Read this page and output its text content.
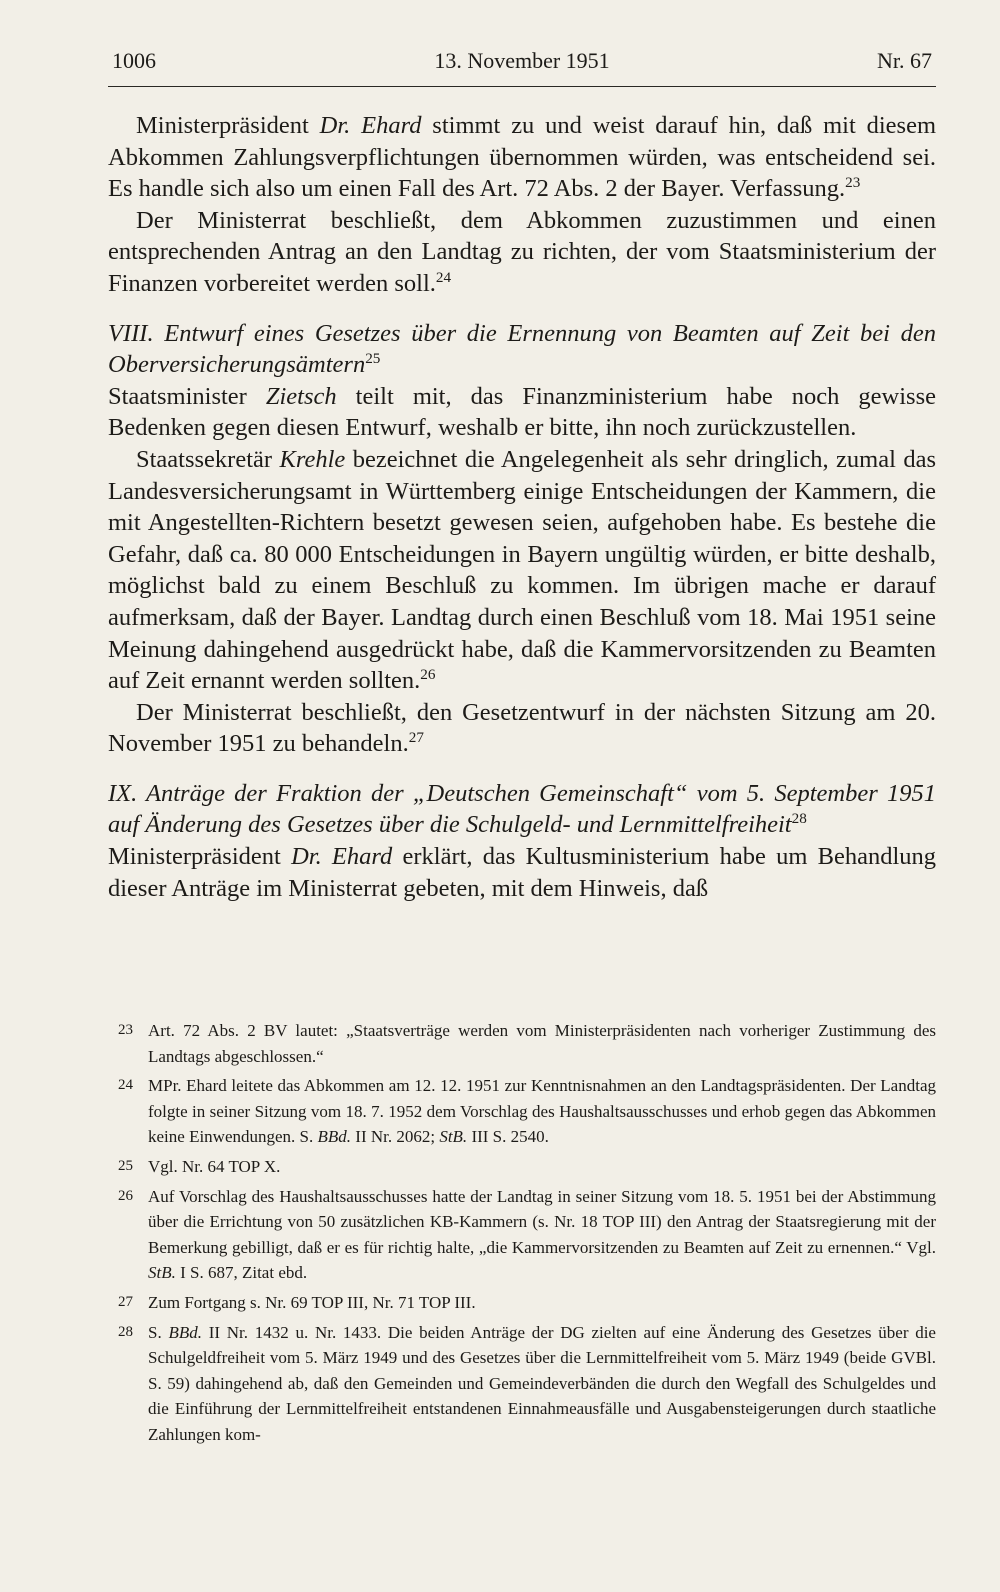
1006	13. November 1951	Nr. 67

Ministerpräsident Dr. Ehard stimmt zu und weist darauf hin, daß mit diesem Abkommen Zahlungsverpflichtungen übernommen würden, was entscheidend sei. Es handle sich also um einen Fall des Art. 72 Abs. 2 der Bayer. Verfassung.$^{23}$

Der Ministerrat beschließt, dem Abkommen zuzustimmen und einen entsprechenden Antrag an den Landtag zu richten, der vom Staatsministerium der Finanzen vorbereitet werden soll.$^{24}$

VIII. Entwurf eines Gesetzes über die Ernennung von Beamten auf Zeit bei den Oberversicherungsämtern$^{25}$

Staatsminister Zietsch teilt mit, das Finanzministerium habe noch gewisse Bedenken gegen diesen Entwurf, weshalb er bitte, ihn noch zurückzustellen.

Staatssekretär Krehle bezeichnet die Angelegenheit als sehr dringlich, zumal das Landesversicherungsamt in Württemberg einige Entscheidungen der Kammern, die mit Angestellten-Richtern besetzt gewesen seien, aufgehoben habe. Es bestehe die Gefahr, daß ca. 80 000 Entscheidungen in Bayern ungültig würden, er bitte deshalb, möglichst bald zu einem Beschluß zu kommen. Im übrigen mache er darauf aufmerksam, daß der Bayer. Landtag durch einen Beschluß vom 18. Mai 1951 seine Meinung dahingehend ausgedrückt habe, daß die Kammervorsitzenden zu Beamten auf Zeit ernannt werden sollten.$^{26}$

Der Ministerrat beschließt, den Gesetzentwurf in der nächsten Sitzung am 20. November 1951 zu behandeln.$^{27}$

IX. Anträge der Fraktion der „Deutschen Gemeinschaft“ vom 5. September 1951 auf Änderung des Gesetzes über die Schulgeld- und Lernmittelfreiheit$^{28}$

Ministerpräsident Dr. Ehard erklärt, das Kultusministerium habe um Behandlung dieser Anträge im Ministerrat gebeten, mit dem Hinweis, daß

23 Art. 72 Abs. 2 BV lautet: „Staatsverträge werden vom Ministerpräsidenten nach vorheriger Zustimmung des Landtags abgeschlossen.“

24 MPr. Ehard leitete das Abkommen am 12. 12. 1951 zur Kenntnisnahmen an den Landtagspräsidenten. Der Landtag folgte in seiner Sitzung vom 18. 7. 1952 dem Vorschlag des Haushaltsausschusses und erhob gegen das Abkommen keine Einwendungen. S. BBd. II Nr. 2062; StB. III S. 2540.

25 Vgl. Nr. 64 TOP X.

26 Auf Vorschlag des Haushaltsausschusses hatte der Landtag in seiner Sitzung vom 18. 5. 1951 bei der Abstimmung über die Errichtung von 50 zusätzlichen KB-Kammern (s. Nr. 18 TOP III) den Antrag der Staatsregierung mit der Bemerkung gebilligt, daß er es für richtig halte, „die Kammervorsitzenden zu Beamten auf Zeit zu ernennen.“ Vgl. StB. I S. 687, Zitat ebd.

27 Zum Fortgang s. Nr. 69 TOP III, Nr. 71 TOP III.

28 S. BBd. II Nr. 1432 u. Nr. 1433. Die beiden Anträge der DG zielten auf eine Änderung des Gesetzes über die Schulgeldfreiheit vom 5. März 1949 und des Gesetzes über die Lernmittelfreiheit vom 5. März 1949 (beide GVBl. S. 59) dahingehend ab, daß den Gemeinden und Gemeindeverbänden die durch den Wegfall des Schulgeldes und die Einführung der Lernmittelfreiheit entstandenen Einnahmeausfälle und Ausgabensteigerungen durch staatliche Zahlungen kom-
